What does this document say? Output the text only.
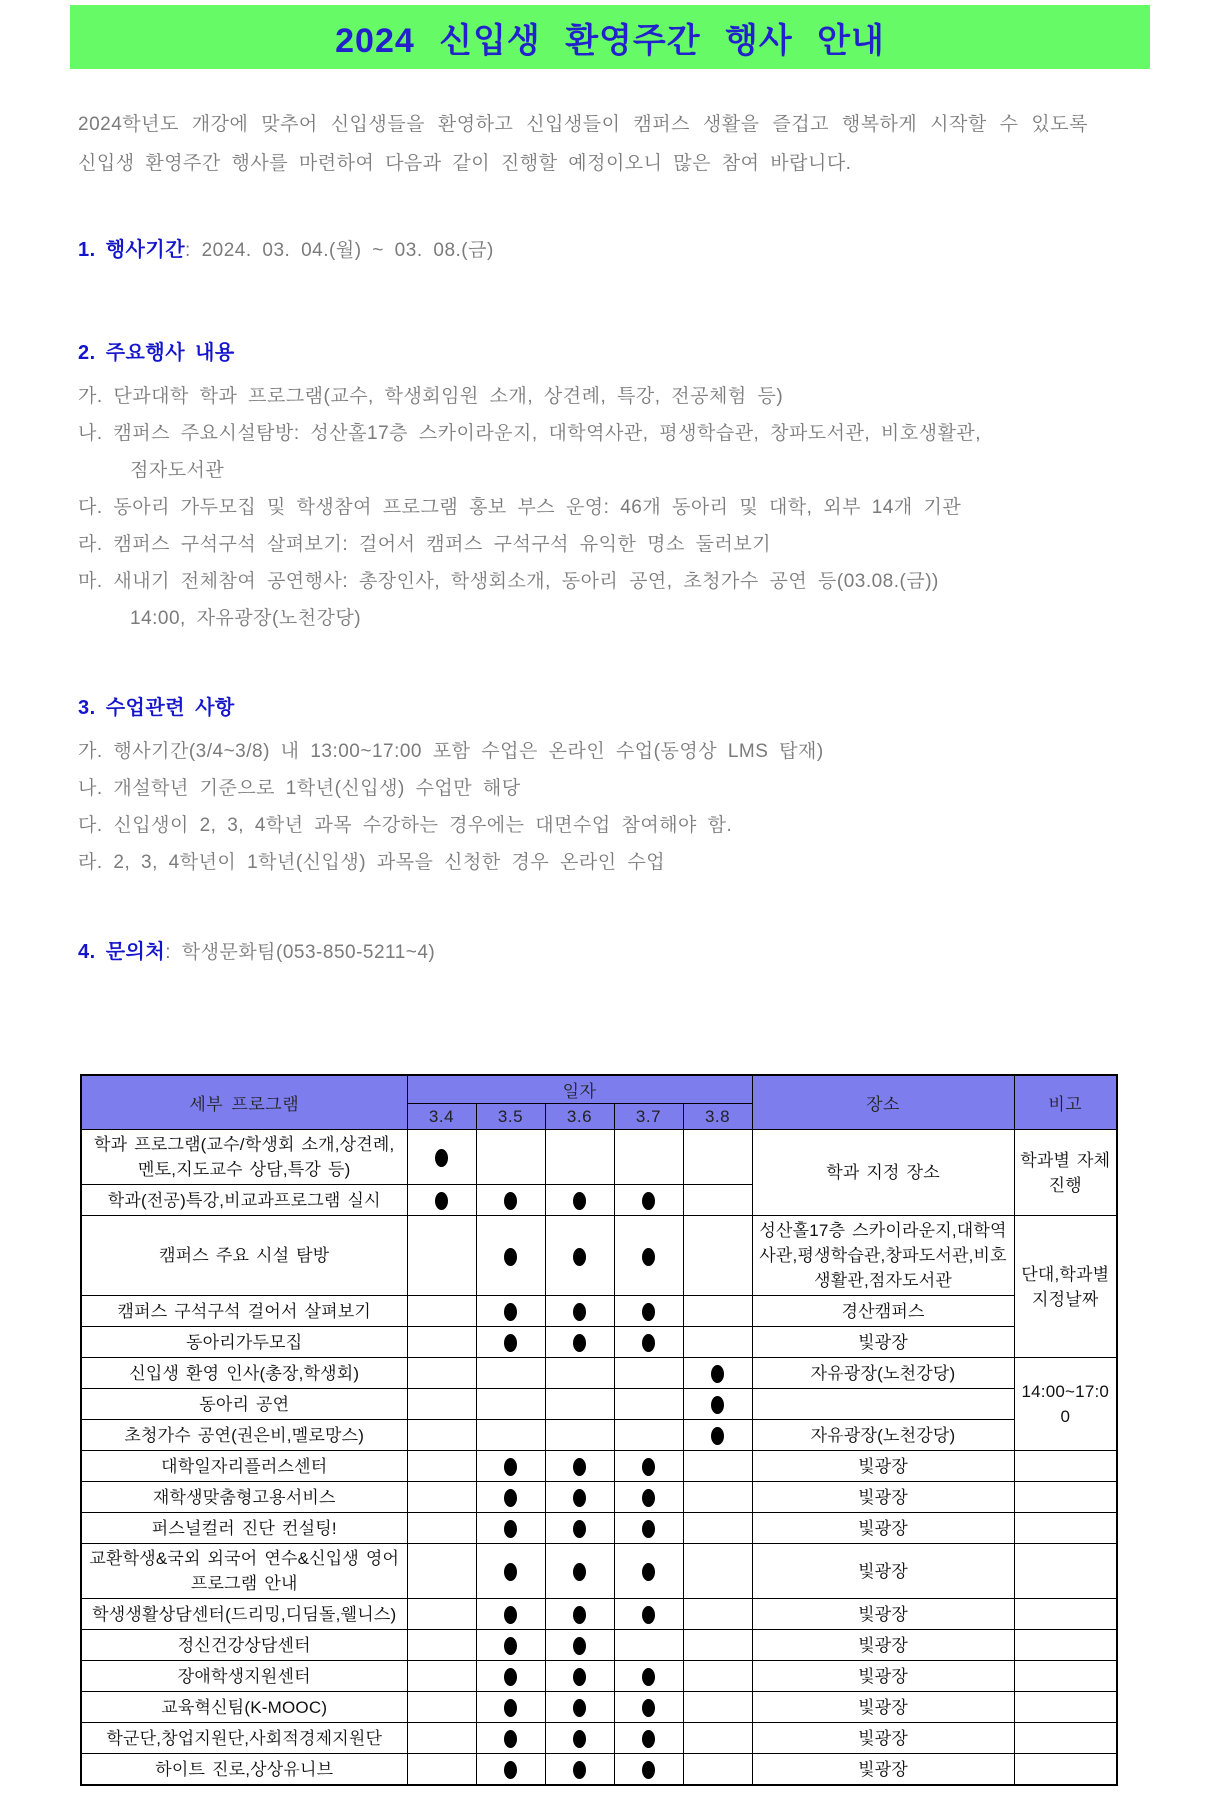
2024 신입생 환영주간 행사 안내
2024학년도 개강에 맞추어 신입생들을 환영하고 신입생들이 캠퍼스 생활을 즐겁고 행복하게 시작할 수 있도록 신입생 환영주간 행사를 마련하여 다음과 같이 진행할 예정이오니 많은 참여 바랍니다.
1. 행사기간: 2024. 03. 04.(월) ~ 03. 08.(금)
2. 주요행사 내용
가. 단과대학 학과 프로그램(교수, 학생회임원 소개, 상견례, 특강, 전공체험 등)
나. 캠퍼스 주요시설탐방: 성산홀17층 스카이라운지, 대학역사관, 평생학습관, 창파도서관, 비호생활관,
점자도서관
다. 동아리 가두모집 및 학생참여 프로그램 홍보 부스 운영: 46개 동아리 및 대학, 외부 14개 기관
라. 캠퍼스 구석구석 살펴보기: 걸어서 캠퍼스 구석구석 유익한 명소 둘러보기
마. 새내기 전체참여 공연행사: 총장인사, 학생회소개, 동아리 공연, 초청가수 공연 등(03.08.(금))
14:00, 자유광장(노천강당)
3. 수업관련 사항
가. 행사기간(3/4~3/8) 내 13:00~17:00 포함 수업은 온라인 수업(동영상 LMS 탑재)
나. 개설학년 기준으로 1학년(신입생) 수업만 해당
다. 신입생이 2, 3, 4학년 과목 수강하는 경우에는 대면수업 참여해야 함.
라. 2, 3, 4학년이 1학년(신입생) 과목을 신청한 경우 온라인 수업
4. 문의처: 학생문화팀(053-850-5211~4)
세부 프로그램	일자					장소	비고
	3.4	3.5	3.6	3.7	3.8		
학과 프로그램(교수/학생회 소개,상견례,멘토,지도교수 상담,특강 등)						학과 지정 장소	학과별 자체 진행
학과(전공)특강,비교과프로그램 실시							
캠퍼스 주요 시설 탐방						성산홀17층 스카이라운지,대학역사관,평생학습관,창파도서관,비호생활관,점자도서관	단대,학과별 지정날짜
캠퍼스 구석구석 걸어서 살펴보기						경산캠퍼스	
동아리가두모집						빛광장	
신입생 환영 인사(총장,학생회)						자유광장(노천강당)	14:00~17:00
동아리 공연							
초청가수 공연(권은비,멜로망스)						자유광장(노천강당)	
대학일자리플러스센터						빛광장	
재학생맞춤형고용서비스						빛광장	
퍼스널컬러 진단 컨설팅!						빛광장	
교환학생&국외 외국어 연수&신입생 영어 프로그램 안내						빛광장	
학생생활상담센터(드리밍,디딤돌,웰니스)						빛광장	
정신건강상담센터						빛광장	
장애학생지원센터						빛광장	
교육혁신팀(K-MOOC)						빛광장	
학군단,창업지원단,사회적경제지원단						빛광장	
하이트 진로,상상유니브						빛광장	
